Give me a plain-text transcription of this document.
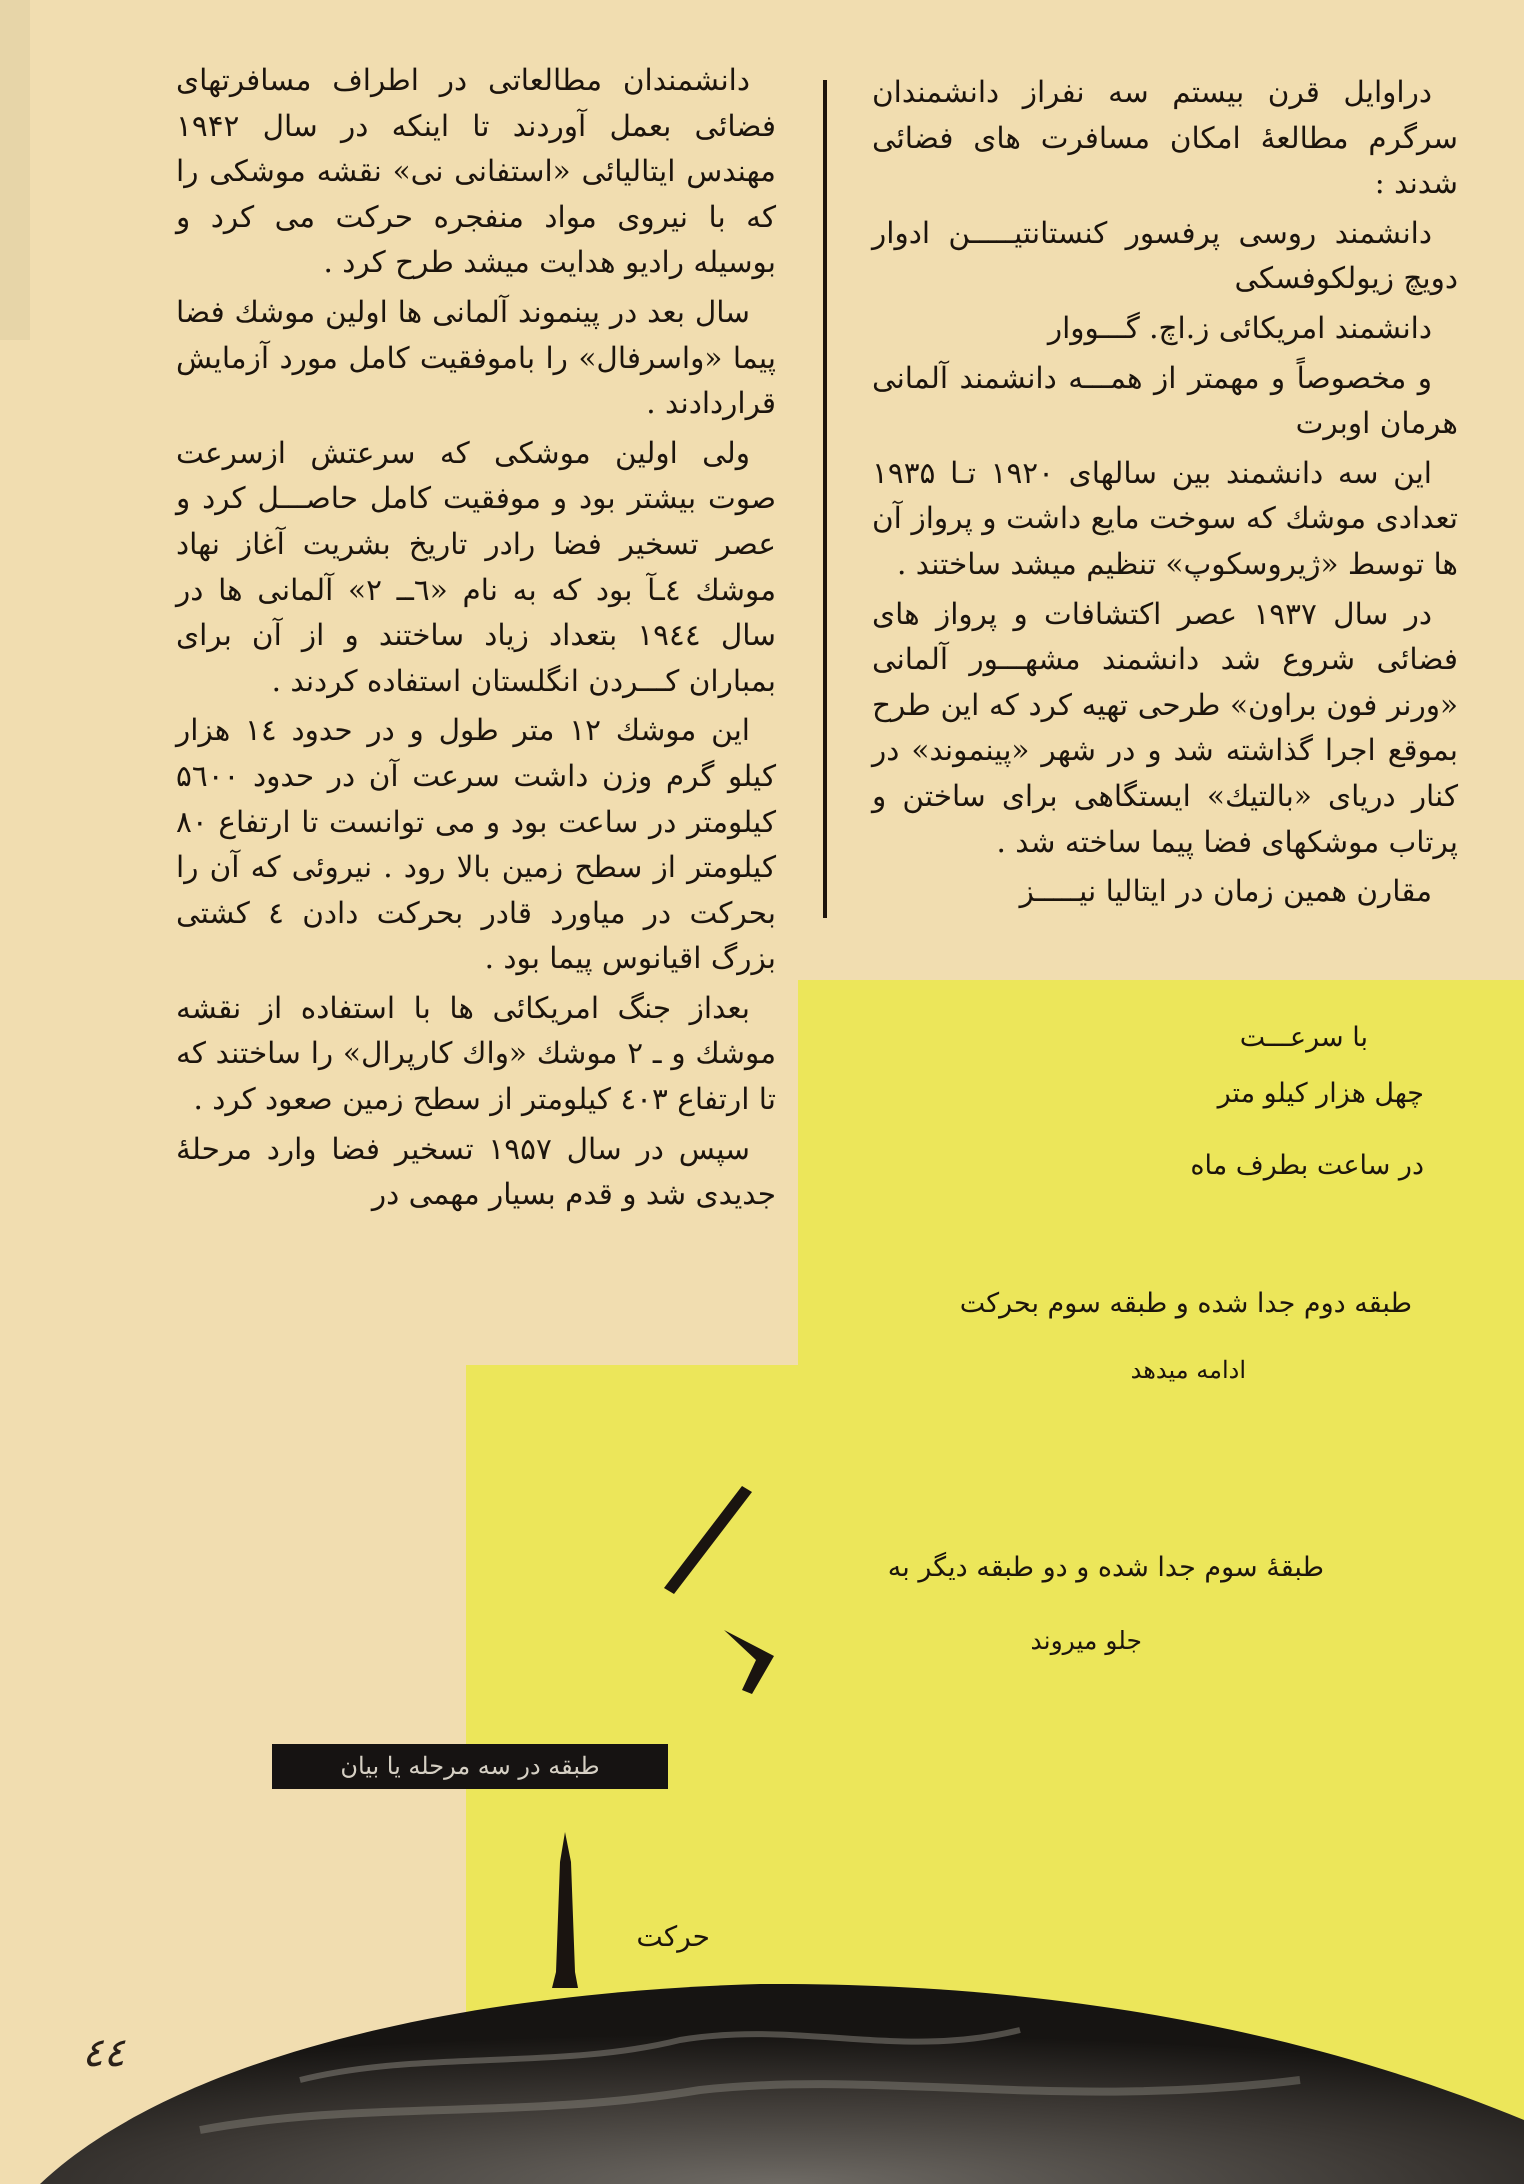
دراوایل قرن بیستم سه نفراز دانشمندان سرگرم مطالعهٔ امکان مسافرت های فضائی شدند :

دانشمند روسی پرفسور کنستانتیـــــن ادوار دویچ زیولکوفسکی

دانشمند امریکائی ز.اچ. گـــووار

و مخصوصاً و مهمتر از همـــه دانشمند آلمانی هرمان اوبرت

این سه دانشمند بین سالهای ۱۹۲۰ تـا ۱۹۳۵ تعدادی موشك که سوخت مایع داشت و پرواز آن ها توسط «ژیروسکوپ» تنظیم میشد ساختند .

در سال ۱۹۳۷ عصر اکتشافات و پرواز های فضائی شروع شد دانشمند مشهـــور آلمانی «ورنر فون براون» طرحی تهیه کرد که این طرح بموقع اجرا گذاشته شد و در شهر «پینموند» در کنار دریای «بالتیك» ایستگاهی برای ساختن و پرتاب موشکهای فضا پیما ساخته شد .

مقارن همین زمان در ایتالیا نیـــــز

دانشمندان مطالعاتی در اطراف مسافرتهای فضائی بعمل آوردند تا اینکه در سال ۱۹۴۲ مهندس ایتالیائی «استفانی نی» نقشه موشکی را که با نیروی مواد منفجره حرکت می کرد و بوسیله رادیو هدایت میشد طرح کرد .

سال بعد در پینموند آلمانی ها اولین موشك فضا پیما «واسرفال» را باموفقیت کامل مورد آزمایش قراردادند .

ولی اولین موشکی که سرعتش ازسرعت صوت بیشتر بود و موفقیت کامل حاصـــل کرد و عصر تسخیر فضا رادر تاریخ بشریت آغاز نهاد موشك ٤ـآ بود که به نام «٦ــ ٢» آلمانی ها در سال ۱۹٤٤ بتعداد زیاد ساختند و از آن برای بمباران کـــردن انگلستان استفاده کردند .

این موشك ۱۲ متر طول و در حدود ۱٤ هزار کیلو گرم وزن داشت سرعت آن در حدود ۵٦۰۰ کیلومتر در ساعت بود و می توانست تا ارتفاع ۸۰ کیلومتر از سطح زمین بالا رود . نیروئی که آن را بحرکت در میاورد قادر بحرکت دادن ٤ کشتی بزرگ اقیانوس پیما بود .

بعداز جنگ امریکائی ها با استفاده از نقشه موشك و ـ ۲ موشك «واك کارپرال» را ساختند که تا ارتفاع ٤۰۳ کیلومتر از سطح زمین صعود کرد .

سپس در سال ۱۹۵۷ تسخیر فضا وارد مرحلهٔ جدیدی شد و قدم بسیار مهمی در

با سرعـــت
چهل هزار کیلو متر
در ساعت بطرف ماه
طبقه دوم جدا شده و طبقه سوم بحرکت
ادامه میدهد
طبقهٔ سوم جدا شده و دو طبقه دیگر به
جلو میروند
طبقه در سه مرحله یا بیان
حرکت
٤٤
